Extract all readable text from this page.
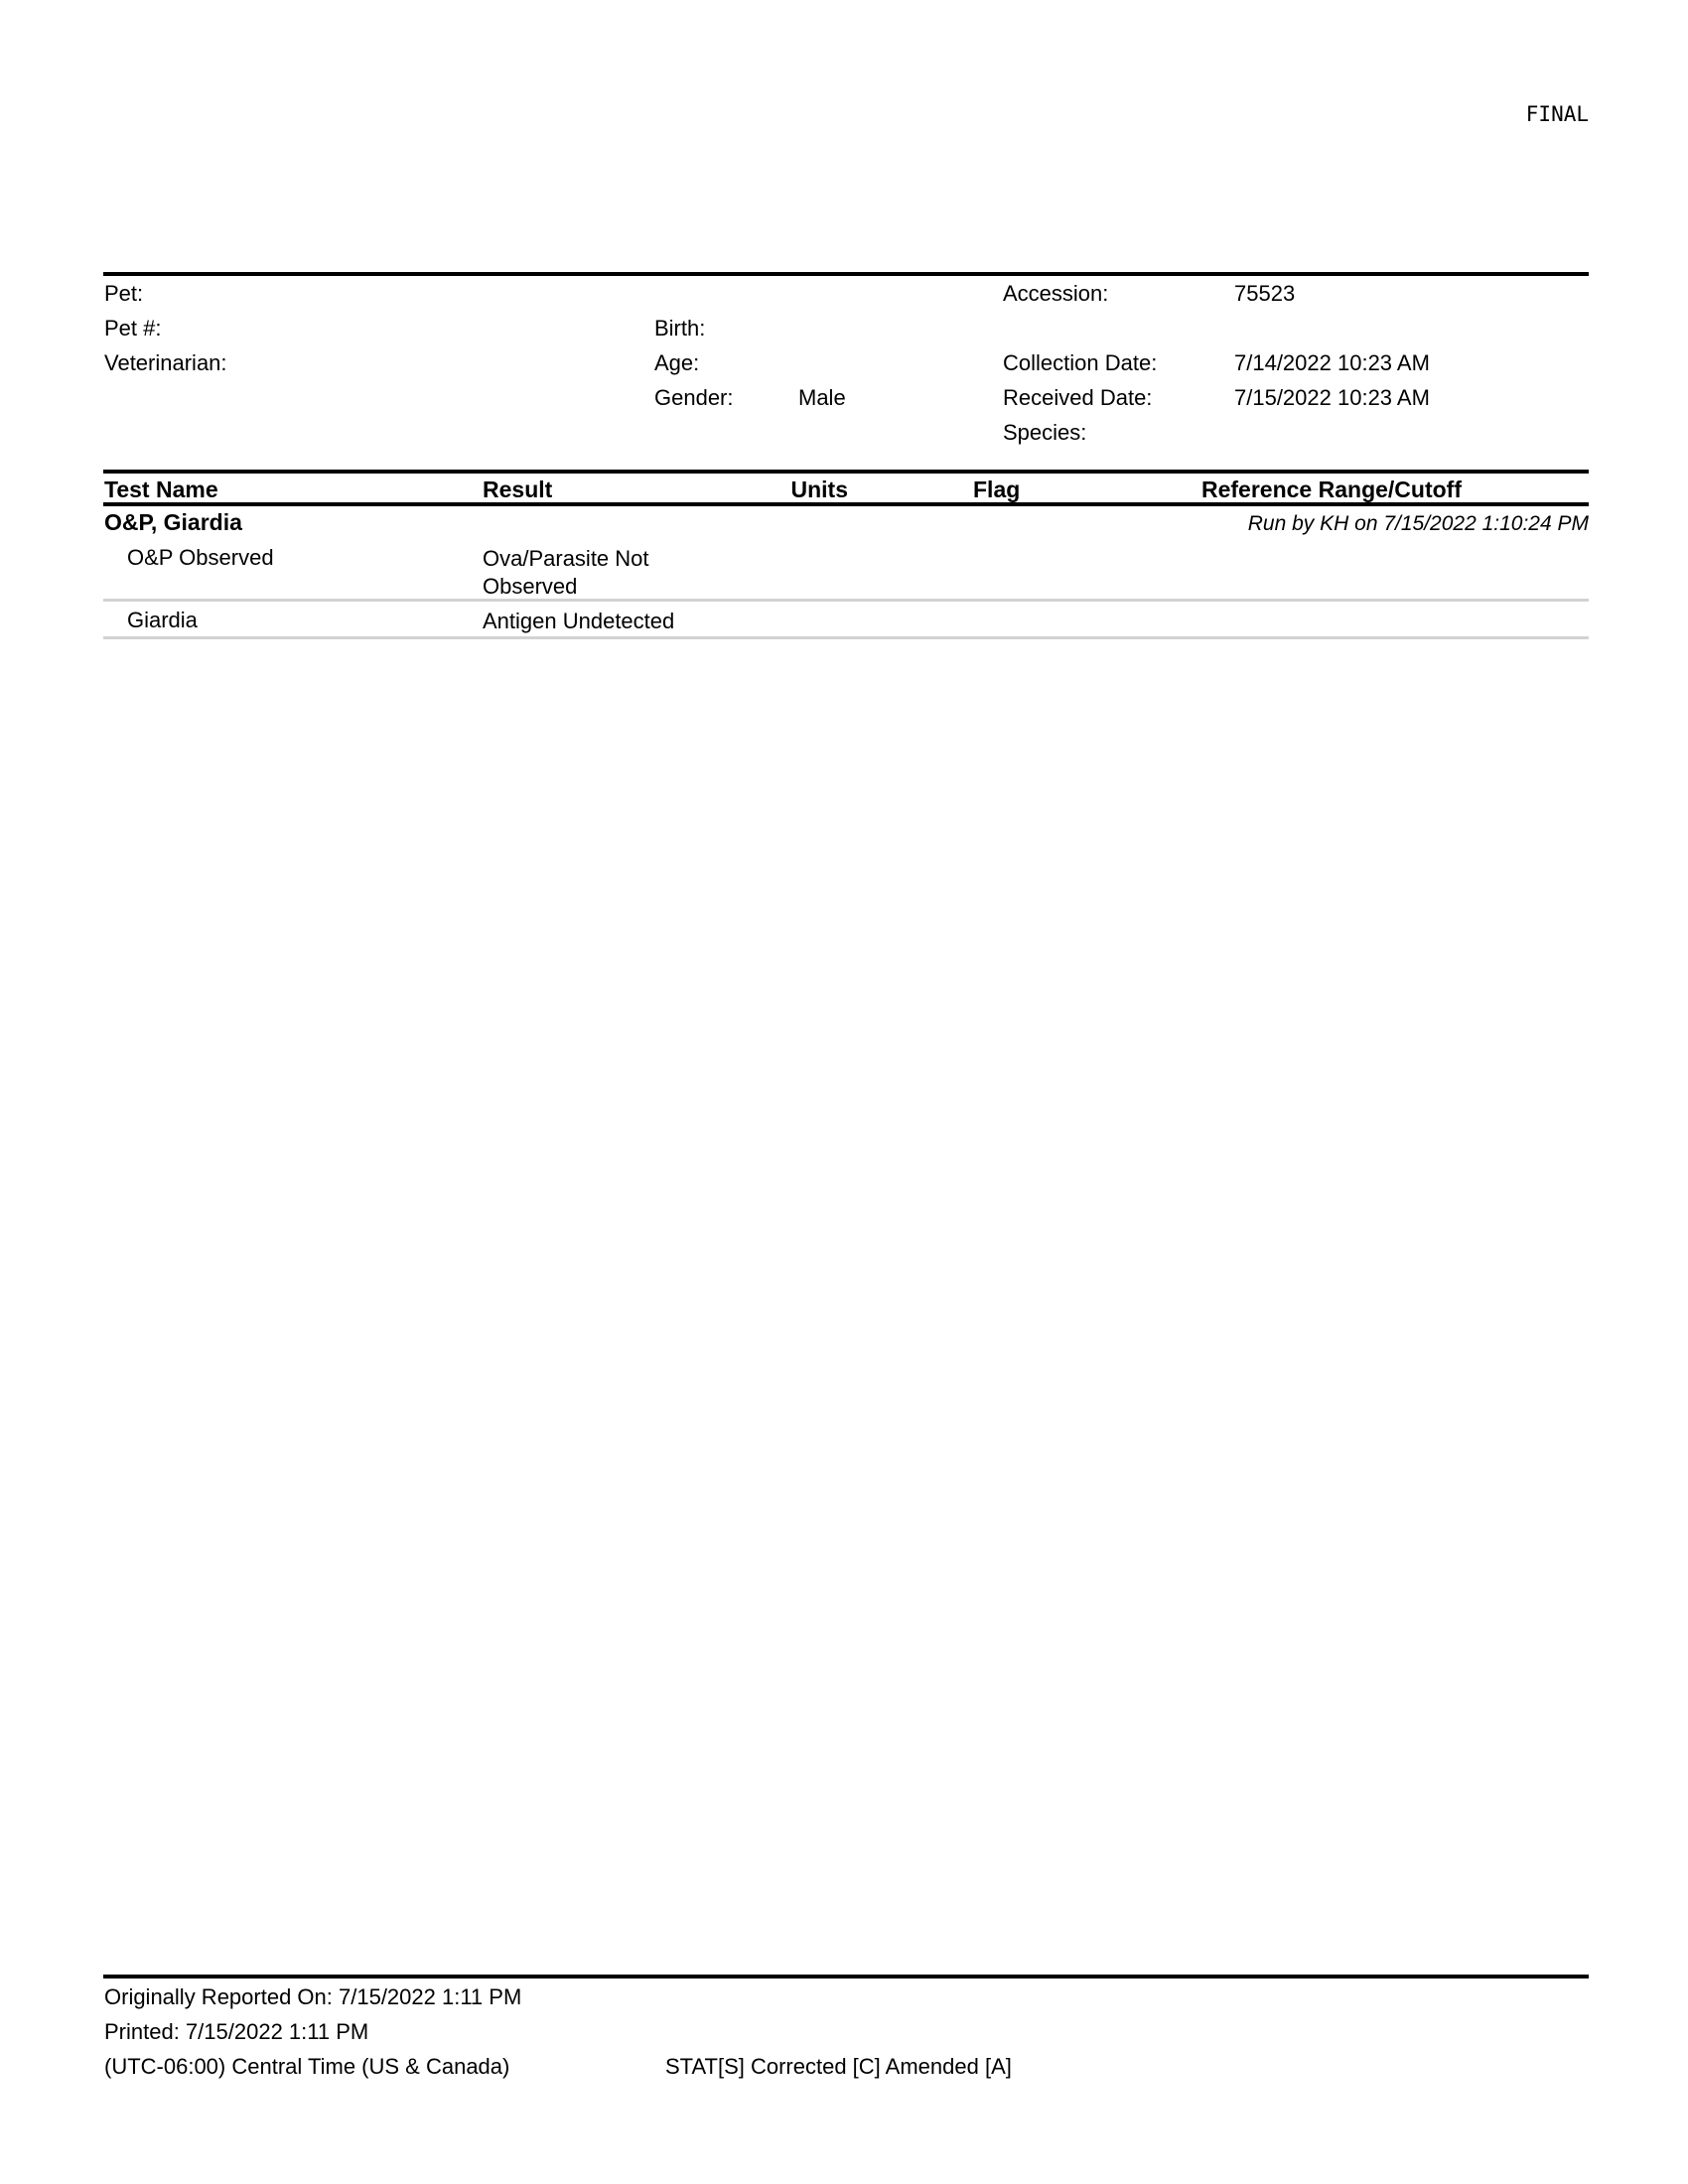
FINAL
Pet:
Pet #:
Veterinarian:
Birth:
Age:
Gender:	Male
Accession:	75523
Collection Date:	7/14/2022 10:23 AM
Received Date:	7/15/2022 10:23 AM
Species:
Test Name	Result	Units	Flag	Reference Range/Cutoff
O&P, Giardia	Run by KH on 7/15/2022 1:10:24 PM
O&P Observed	Ova/Parasite Not Observed
Giardia	Antigen Undetected
Originally Reported On: 7/15/2022 1:11 PM
Printed: 7/15/2022 1:11 PM
(UTC-06:00) Central Time (US & Canada)	STAT[S] Corrected [C] Amended [A]
